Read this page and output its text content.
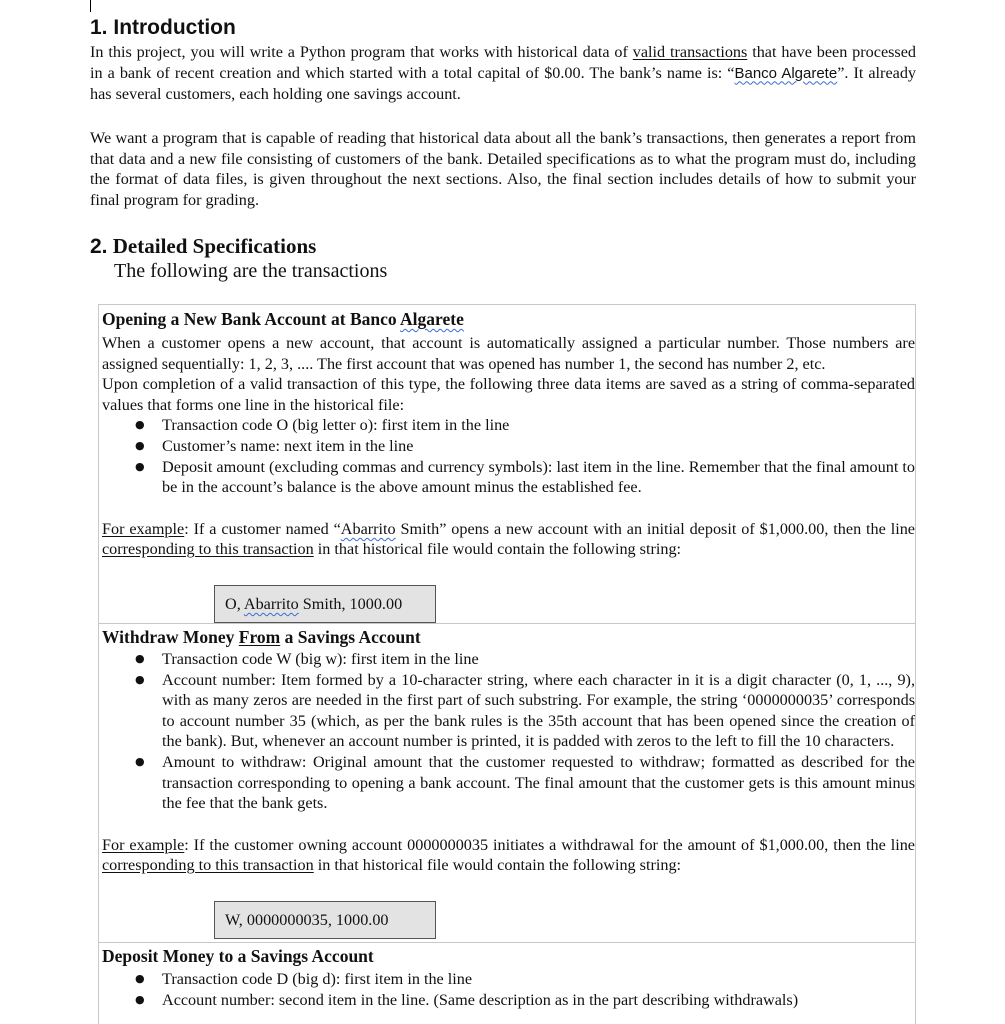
1. Introduction
In this project, you will write a Python program that works with historical data of valid transactions that have been processed in a bank of recent creation and which started with a total capital of $0.00. The bank’s name is: “Banco Algarete”. It already has several customers, each holding one savings account.
We want a program that is capable of reading that historical data about all the bank’s transactions, then generates a report from that data and a new file consisting of customers of the bank. Detailed specifications as to what the program must do, including the format of data files, is given throughout the next sections. Also, the final section includes details of how to submit your final program for grading.
2. Detailed Specifications
The following are the transactions
Opening a New Bank Account at Banco Algarete
When a customer opens a new account, that account is automatically assigned a particular number. Those numbers are assigned sequentially: 1, 2, 3, .... The first account that was opened has number 1, the second has number 2, etc.
Upon completion of a valid transaction of this type, the following three data items are saved as a string of comma-separated values that forms one line in the historical file:
● Transaction code O (big letter o): first item in the line
● Customer’s name: next item in the line
● Deposit amount (excluding commas and currency symbols): last item in the line. Remember that the final amount to be in the account’s balance is the above amount minus the established fee.
For example: If a customer named “Abarrito Smith” opens a new account with an initial deposit of $1,000.00, then the line corresponding to this transaction in that historical file would contain the following string:
O, Abarrito Smith, 1000.00
Withdraw Money From a Savings Account
● Transaction code W (big w): first item in the line
● Account number: Item formed by a 10-character string, where each character in it is a digit character (0, 1, ..., 9), with as many zeros are needed in the first part of such substring. For example, the string ‘0000000035’ corresponds to account number 35 (which, as per the bank rules is the 35th account that has been opened since the creation of the bank). But, whenever an account number is printed, it is padded with zeros to the left to fill the 10 characters.
● Amount to withdraw: Original amount that the customer requested to withdraw; formatted as described for the transaction corresponding to opening a bank account. The final amount that the customer gets is this amount minus the fee that the bank gets.
For example: If the customer owning account 0000000035 initiates a withdrawal for the amount of $1,000.00, then the line corresponding to this transaction in that historical file would contain the following string:
W, 0000000035, 1000.00
Deposit Money to a Savings Account
● Transaction code D (big d): first item in the line
● Account number: second item in the line. (Same description as in the part describing withdrawals)
